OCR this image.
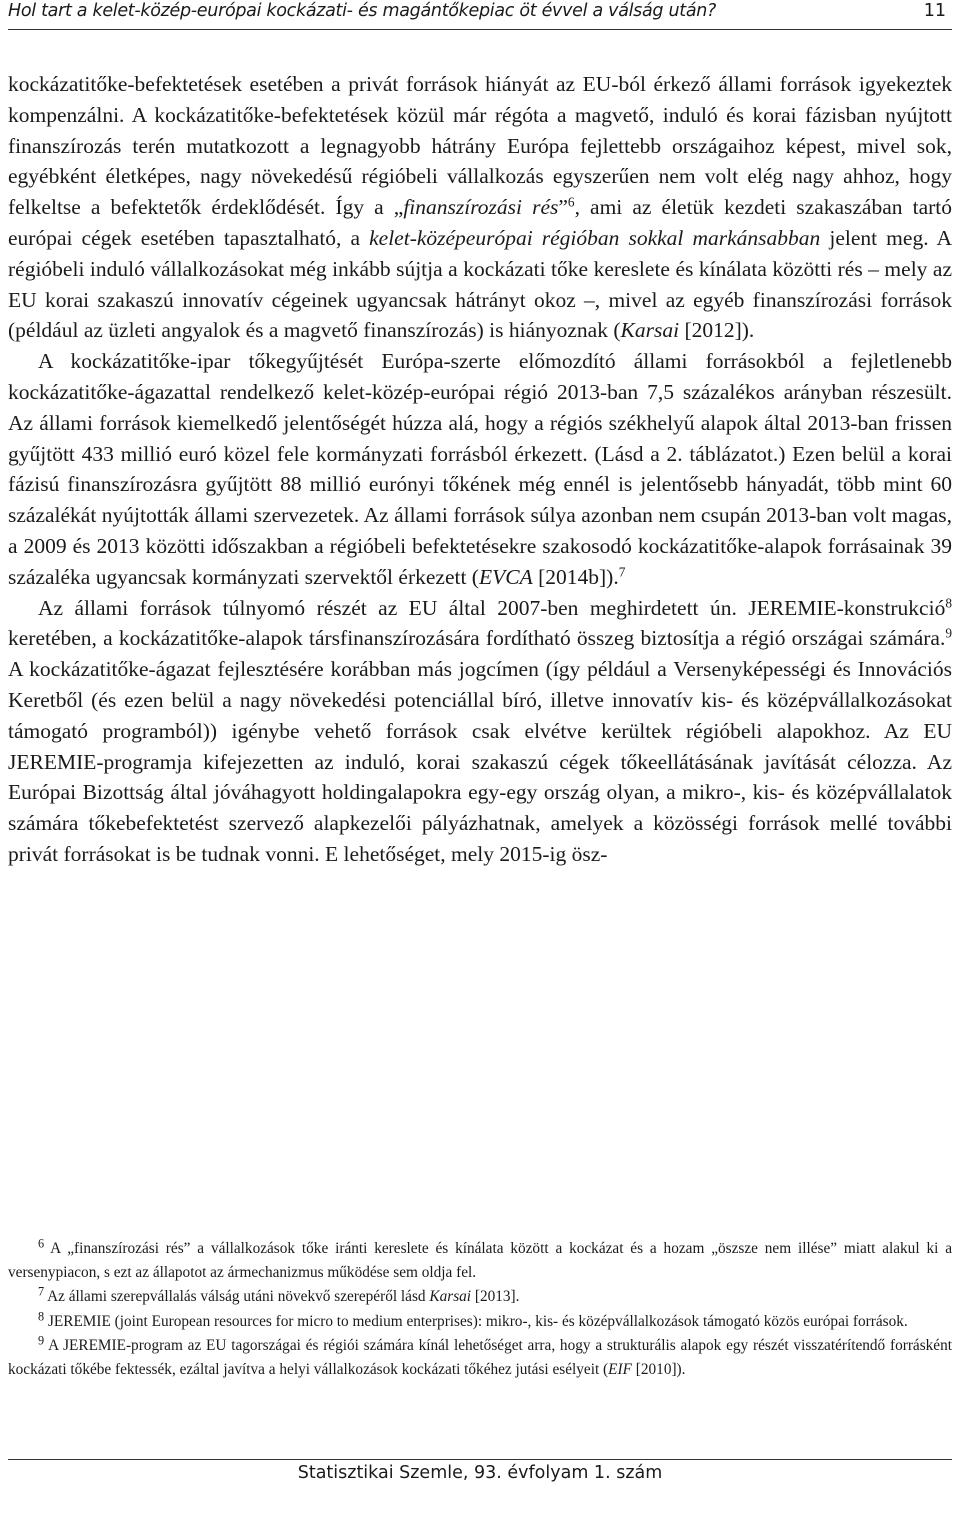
Hol tart a kelet-közép-európai kockázati- és magántőkepiac öt évvel a válság után?	11

kockázatitőke-befektetések esetében a privát források hiányát az EU-ból érkező állami források igyekeztek kompenzálni. A kockázatitőke-befektetések közül már régóta a magvető, induló és korai fázisban nyújtott finanszírozás terén mutatkozott a legnagyobb hátrány Európa fejlettebb országaihoz képest, mivel sok, egyébként életképes, nagy növekedésű régióbeli vállalkozás egyszerűen nem volt elég nagy ahhoz, hogy felkeltse a befektetők érdeklődését. Így a „finanszírozási rés”$^6$, ami az életük kezdeti szakaszában tartó európai cégek esetében tapasztalható, a kelet-középeurópai régióban sokkal markánsabban jelent meg. A régióbeli induló vállalkozásokat még inkább sújtja a kockázati tőke kereslete és kínálata közötti rés – mely az EU korai szakaszú innovatív cégeinek ugyancsak hátrányt okoz –, mivel az egyéb finanszírozási források (például az üzleti angyalok és a magvető finanszírozás) is hiányoznak (Karsai [2012]).

A kockázatitőke-ipar tőkegyűjtését Európa-szerte előmozdító állami forrásokból a fejletlenebb kockázatitőke-ágazattal rendelkező kelet-közép-európai régió 2013-ban 7,5 százalékos arányban részesült. Az állami források kiemelkedő jelentőségét húzza alá, hogy a régiós székhelyű alapok által 2013-ban frissen gyűjtött 433 millió euró közel fele kormányzati forrásból érkezett. (Lásd a 2. táblázatot.) Ezen belül a korai fázisú finanszírozásra gyűjtött 88 millió eurónyi tőkének még ennél is jelentősebb hányadát, több mint 60 százalékát nyújtották állami szervezetek. Az állami források súlya azonban nem csupán 2013-ban volt magas, a 2009 és 2013 közötti időszakban a régióbeli befektetésekre szakosodó kockázatitőke-alapok forrásainak 39 százaléka ugyancsak kormányzati szervektől érkezett (EVCA [2014b]).$^7$

Az állami források túlnyomó részét az EU által 2007-ben meghirdetett ún. JEREMIE-konstrukció$^8$ keretében, a kockázatitőke-alapok társfinanszírozására fordítható összeg biztosítja a régió országai számára.$^9$ A kockázatitőke-ágazat fejlesztésére korábban más jogcímen (így például a Versenyképességi és Innovációs Keretből (és ezen belül a nagy növekedési potenciállal bíró, illetve innovatív kis- és középvállalkozásokat támogató programból)) igénybe vehető források csak elvétve kerültek régióbeli alapokhoz. Az EU JEREMIE-programja kifejezetten az induló, korai szakaszú cégek tőkeellátásának javítását célozza. Az Európai Bizottság által jóváhagyott holdingalapokra egy-egy ország olyan, a mikro-, kis- és középvállalatok számára tőkebefektetést szervező alapkezelői pályázhatnak, amelyek a közösségi források mellé további privát forrásokat is be tudnak vonni. E lehetőséget, mely 2015-ig ösz-

$^6$ A „finanszírozási rés” a vállalkozások tőke iránti kereslete és kínálata között a kockázat és a hozam „öszsze nem illése” miatt alakul ki a versenypiacon, s ezt az állapotot az ármechanizmus működése sem oldja fel.

$^7$ Az állami szerepvállalás válság utáni növekvő szerepéről lásd Karsai [2013].

$^8$ JEREMIE (joint European resources for micro to medium enterprises): mikro-, kis- és középvállalkozások támogató közös európai források.

$^9$ A JEREMIE-program az EU tagországai és régiói számára kínál lehetőséget arra, hogy a strukturális alapok egy részét visszatérítendő forrásként kockázati tőkébe fektessék, ezáltal javítva a helyi vállalkozások kockázati tőkéhez jutási esélyeit (EIF [2010]).

Statisztikai Szemle, 93. évfolyam 1. szám
